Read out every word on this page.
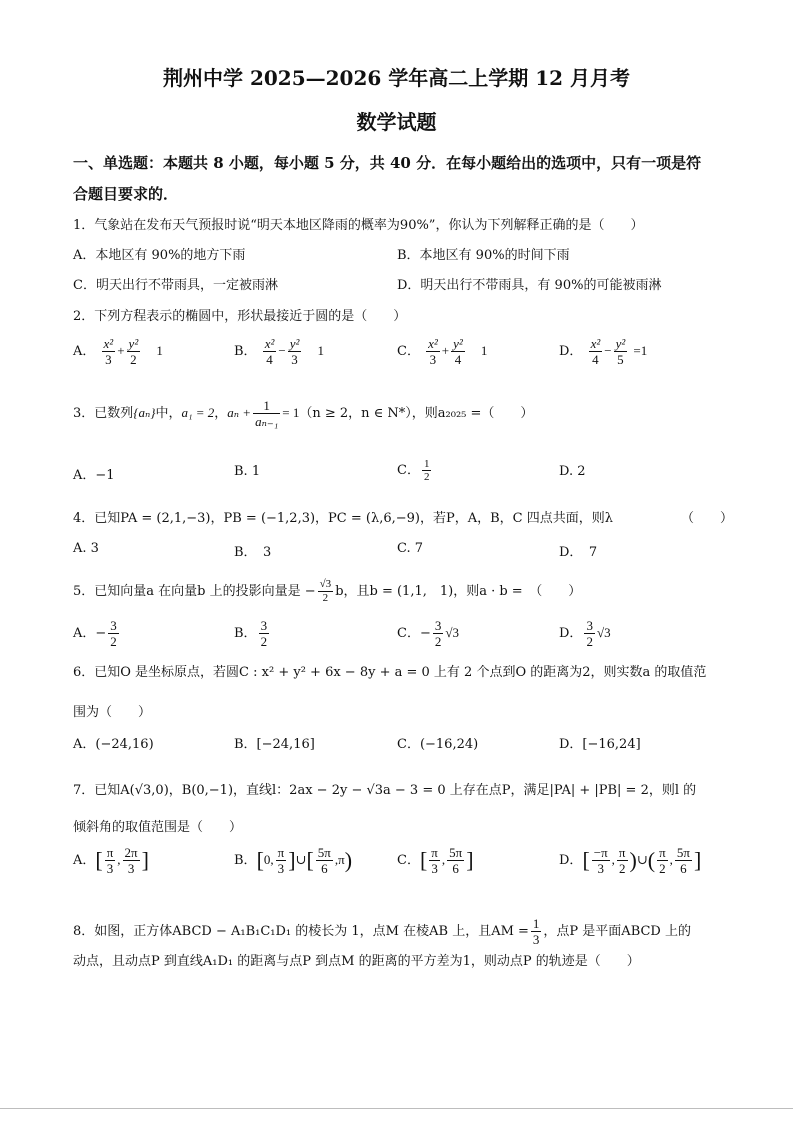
荆州中学 2025—2026 学年高二上学期 12 月月考
数学试题
一、单选题：本题共 8 小题，每小题 5 分，共 40 分．在每小题给出的选项中，只有一项是符
合题目要求的．
1．气象站在发布天气预报时说“明天本地区降雨的概率为90%”，你认为下列解释正确的是（　　）
A．本地区有 90%的地方下雨	B．本地区有 90%的时间下雨
C．明天出行不带雨具，一定被雨淋	D．明天出行不带雨具，有 90%的可能被雨淋
2．下列方程表示的椭圆中，形状最接近于圆的是（　　）
A． $\frac{\text{x²}}{3} + \frac{\text{y²}}{2} 1$	B． $\frac{\text{x²}}{4} - \frac{\text{y²}}{3} 1$	C． $\frac{\text{x²}}{3} + \frac{\text{y²}}{4} 1$	D． $\frac{\text{x²}}{4} - \frac{\text{y²}}{5} =1$
3．已数列{aₙ}中，a₁ = 2，$a_n + \frac{1}{\text{aₙ₋₁}} = 1(n \ge 2$，n ∈ N*），则a₂₀₂₅ =（　　）
A．−1	B. 1	C． $\frac{1}{2}$	D. 2
4．已知PA = (2,1,−3)，PB = (−1,2,3)，PC = (λ,6,−9)，若P，A，B，C 四点共面，则λ	（　　）
A. 3	B．　3	C. 7	D．　7
5．已知向量a 在向量b 上的投影向量是 − $\frac{√3}{2}$ b，且b = (1,1,　1)，则a · b =　（　　）
A．− $\frac{3}{2}$	B． $\frac{3}{2}$	C．− $\frac{3}{2} √3$	D． $\frac{3}{2} √3$
6．已知O 是坐标原点，若圆C : x² + y² + 6x − 8y + a = 0 上有 2 个点到O 的距离为2，则实数a 的取值范
围为（　　）
A．(−24,16)	B．[−24,16]	C．(−16,24)	D．[−16,24]
7．已知A(√3,0)，B(0,−1)，直线l：2ax − 2y − √3a − 3 = 0 上存在点P，满足|PA| + |PB| = 2，则l 的
倾斜角的取值范围是（　　）
A．[ $\frac{\pi}{3}$ , $\frac{2\pi}{3}$ ]	B．[0, $\frac{\pi}{3}$ ]∪[ $\frac{5\pi}{6} ,\pi$)	C．[ $\frac{\pi}{3}$ , $\frac{5\pi}{6}$ ]	D．[ $\frac{-\pi}{3}$ , $\frac{\pi}{2}$ )∪( $\frac{\pi}{2}$ , $\frac{5\pi}{6}$ ]
8．如图，正方体ABCD − A₁B₁C₁D₁ 的棱长为 1，点M 在棱AB 上，且AM = $\frac{1}{3}$ ，点P 是平面ABCD 上的
动点，且动点P 到直线A₁D₁ 的距离与点P 到点M 的距离的平方差为1，则动点P 的轨迹是（　　）
